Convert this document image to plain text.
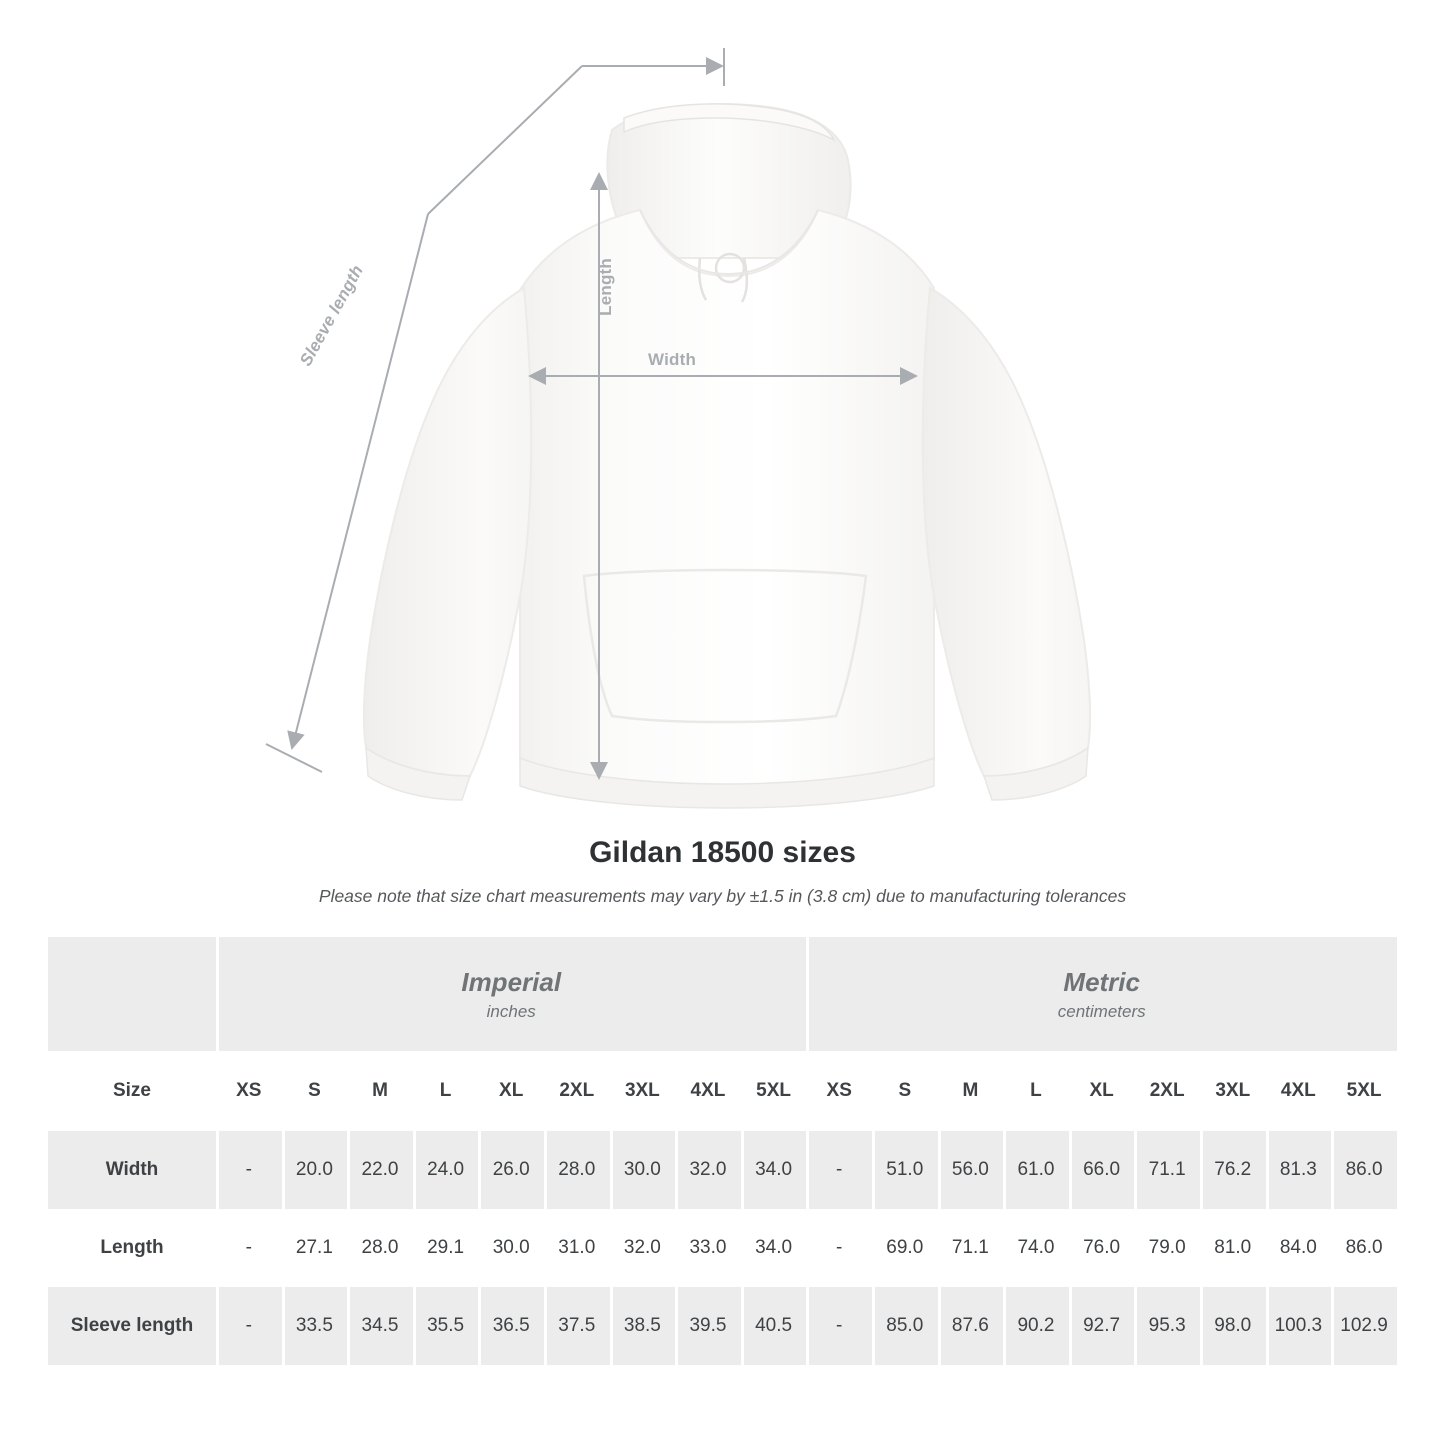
Width
Length
Sleeve length
Gildan 18500 sizes

Please note that size chart measurements may vary by ±1.5 in (3.8 cm) due to manufacturing tolerances

Imperial
inches

Metric
centimeters

Size	XS	S	M	L	XL	2XL	3XL	4XL	5XL	XS	S	M	L	XL	2XL	3XL	4XL	5XL
Width	-	20.0	22.0	24.0	26.0	28.0	30.0	32.0	34.0	-	51.0	56.0	61.0	66.0	71.1	76.2	81.3	86.0
Length	-	27.1	28.0	29.1	30.0	31.0	32.0	33.0	34.0	-	69.0	71.1	74.0	76.0	79.0	81.0	84.0	86.0
Sleeve length	-	33.5	34.5	35.5	36.5	37.5	38.5	39.5	40.5	-	85.0	87.6	90.2	92.7	95.3	98.0	100.3	102.9
